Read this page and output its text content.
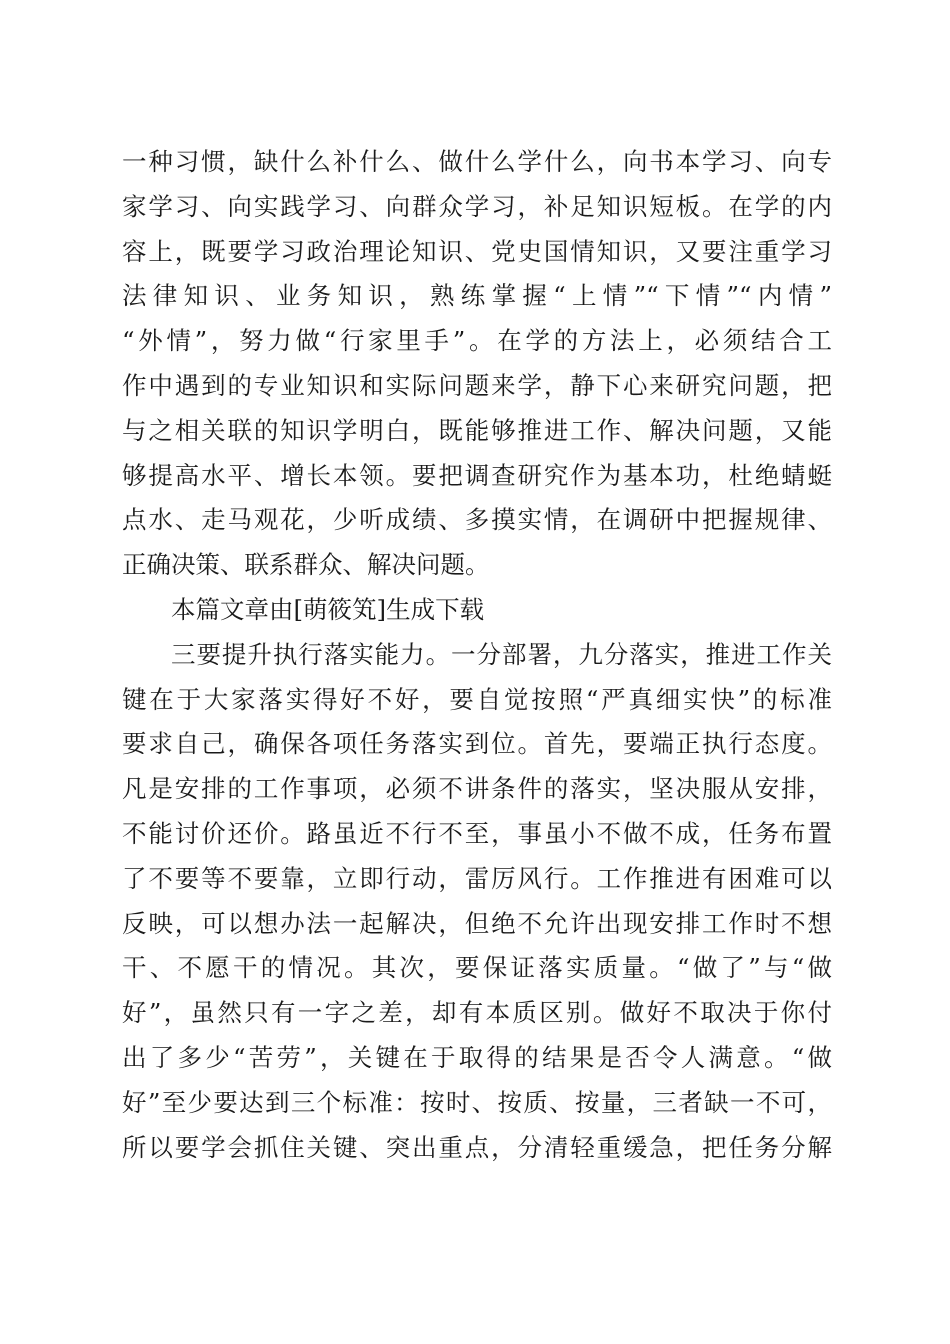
一种习惯，缺什么补什么、做什么学什么，向书本学习、向专
家学习、向实践学习、向群众学习，补足知识短板。在学的内
容上，既要学习政治理论知识、党史国情知识，又要注重学习
法律知识、业务知识，熟练掌握“上情”“下情”“内情”
“外情”，努力做“行家里手”。在学的方法上，必须结合工
作中遇到的专业知识和实际问题来学，静下心来研究问题，把
与之相关联的知识学明白，既能够推进工作、解决问题，又能
够提高水平、增长本领。要把调查研究作为基本功，杜绝蜻蜓
点水、走马观花，少听成绩、多摸实情，在调研中把握规律、
正确决策、联系群众、解决问题。
本篇文章由[萌筱笂]生成下载
三要提升执行落实能力。一分部署，九分落实，推进工作关
键在于大家落实得好不好，要自觉按照“严真细实快”的标准
要求自己，确保各项任务落实到位。首先，要端正执行态度。
凡是安排的工作事项，必须不讲条件的落实，坚决服从安排，
不能讨价还价。路虽近不行不至，事虽小不做不成，任务布置
了不要等不要靠，立即行动，雷厉风行。工作推进有困难可以
反映，可以想办法一起解决，但绝不允许出现安排工作时不想
干、不愿干的情况。其次，要保证落实质量。“做了”与“做
好”，虽然只有一字之差，却有本质区别。做好不取决于你付
出了多少“苦劳”，关键在于取得的结果是否令人满意。“做
好”至少要达到三个标准：按时、按质、按量，三者缺一不可，
所以要学会抓住关键、突出重点，分清轻重缓急，把任务分解
